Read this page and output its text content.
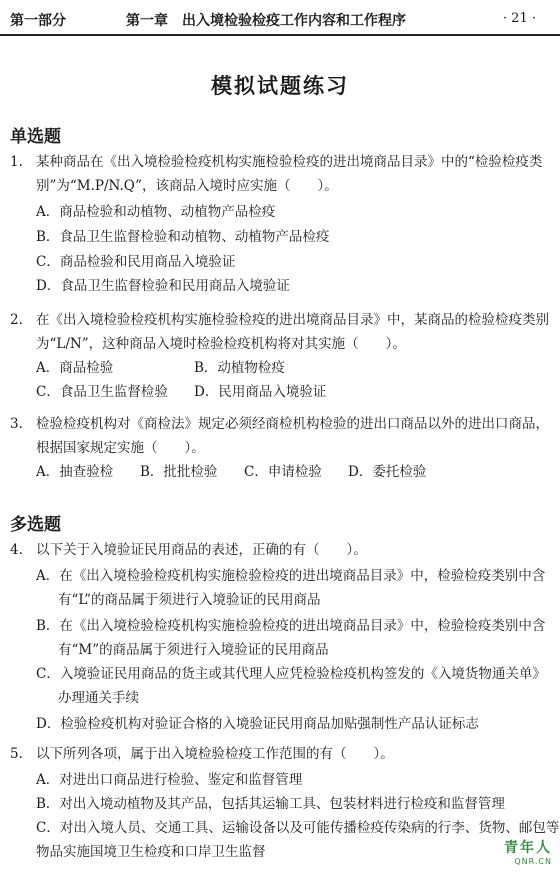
第一部分	第一章　出入境检验检疫工作内容和工作程序	· 21 ·
模拟试题练习
单选题
1. 某种商品在《出入境检验检疫机构实施检验检疫的进出境商品目录》中的“检验检疫类
别”为“M.P/N.Q”，该商品入境时应实施（　　）。
A．商品检验和动植物、动植物产品检疫
B．食品卫生监督检验和动植物、动植物产品检疫
C．商品检验和民用商品入境验证
D．食品卫生监督检验和民用商品入境验证
2. 在《出入境检验检疫机构实施检验检疫的进出境商品目录》中，某商品的检验检疫类别
为“L/N”，这种商品入境时检验检疫机构将对其实施（　　）。
A．商品检验	B．动植物检疫
C．食品卫生监督检验 D．民用商品入境验证
3. 检验检疫机构对《商检法》规定必须经商检机构检验的进出口商品以外的进出口商品，
根据国家规定实施（　　）。
A．抽查验检 B．批批检验 C．申请检验 D．委托检验
多选题
4. 以下关于入境验证民用商品的表述，正确的有（　　）。
A．在《出入境检验检疫机构实施检验检疫的进出境商品目录》中，检验检疫类别中含
有“L”的商品属于须进行入境验证的民用商品
B．在《出入境检验检疫机构实施检验检疫的进出境商品目录》中，检验检疫类别中含
有“M”的商品属于须进行入境验证的民用商品
C．入境验证民用商品的货主或其代理人应凭检验检疫机构签发的《入境货物通关单》
办理通关手续
D．检验检疫机构对验证合格的入境验证民用商品加贴强制性产品认证标志
5. 以下所列各项，属于出入境检验检疫工作范围的有（　　）。
A．对进出口商品进行检验、鉴定和监督管理
B．对出入境动植物及其产品，包括其运输工具、包装材料进行检疫和监督管理
C．对出入境人员、交通工具、运输设备以及可能传播检疫传染病的行李、货物、邮包等
物品实施国境卫生检疫和口岸卫生监督	青年人
QNR.CN
